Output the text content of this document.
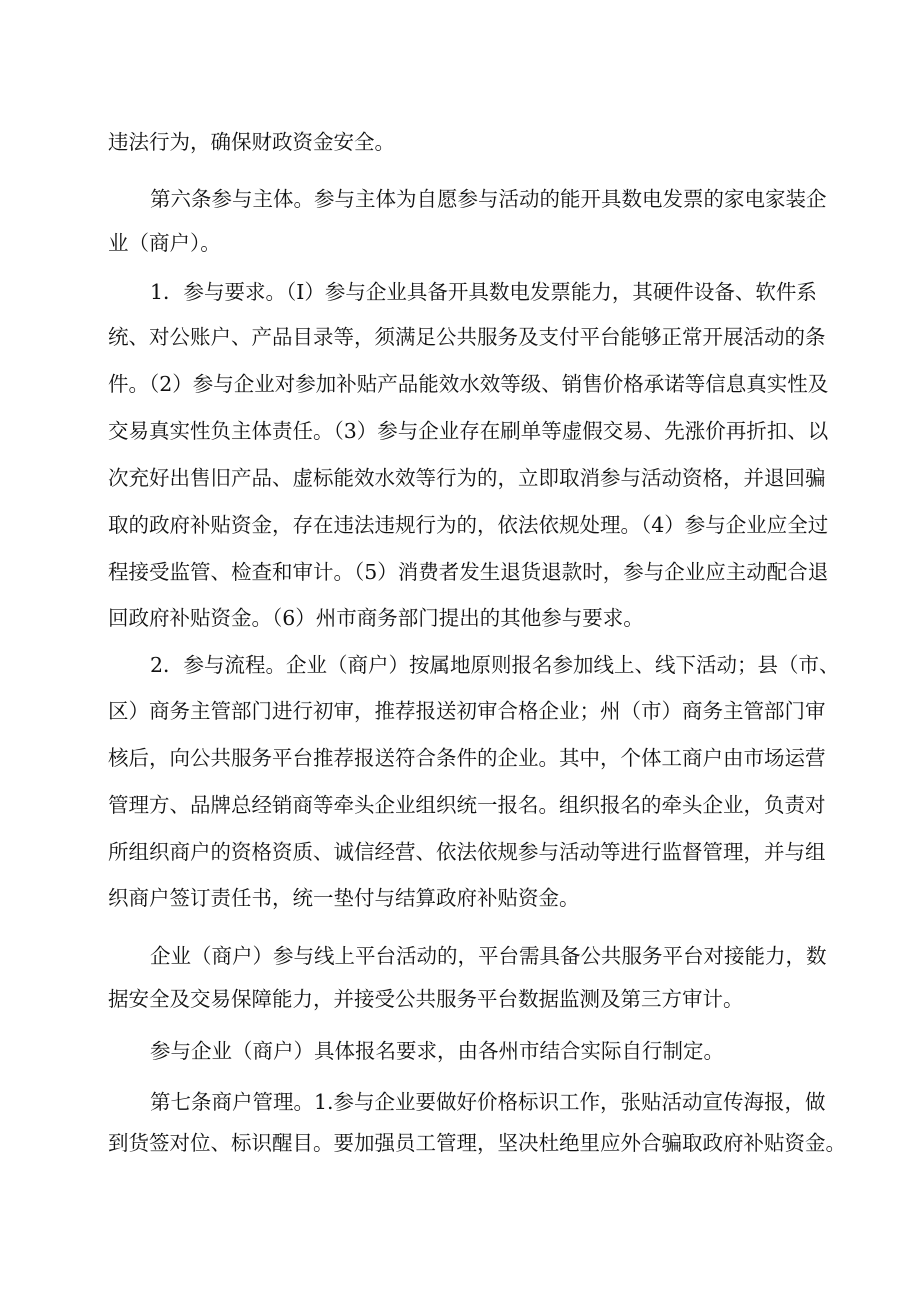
违法行为，确保财政资金安全。
第六条参与主体。参与主体为自愿参与活动的能开具数电发票的家电家装企
业（商户）。
1．参与要求。（I）参与企业具备开具数电发票能力，其硬件设备、软件系
统、对公账户、产品目录等，须满足公共服务及支付平台能够正常开展活动的条
件。（2）参与企业对参加补贴产品能效水效等级、销售价格承诺等信息真实性及
交易真实性负主体责任。（3）参与企业存在刷单等虚假交易、先涨价再折扣、以
次充好出售旧产品、虚标能效水效等行为的，立即取消参与活动资格，并退回骗
取的政府补贴资金，存在违法违规行为的，依法依规处理。（4）参与企业应全过
程接受监管、检查和审计。（5）消费者发生退货退款时，参与企业应主动配合退
回政府补贴资金。（6）州市商务部门提出的其他参与要求。
2．参与流程。企业（商户）按属地原则报名参加线上、线下活动；县（市、
区）商务主管部门进行初审，推荐报送初审合格企业；州（市）商务主管部门审
核后，向公共服务平台推荐报送符合条件的企业。其中，个体工商户由市场运营
管理方、品牌总经销商等牵头企业组织统一报名。组织报名的牵头企业，负责对
所组织商户的资格资质、诚信经营、依法依规参与活动等进行监督管理，并与组
织商户签订责任书，统一垫付与结算政府补贴资金。
企业（商户）参与线上平台活动的，平台需具备公共服务平台对接能力，数
据安全及交易保障能力，并接受公共服务平台数据监测及第三方审计。
参与企业（商户）具体报名要求，由各州市结合实际自行制定。
第七条商户管理。1.参与企业要做好价格标识工作，张贴活动宣传海报，做
到货签对位、标识醒目。要加强员工管理，坚决杜绝里应外合骗取政府补贴资金。
